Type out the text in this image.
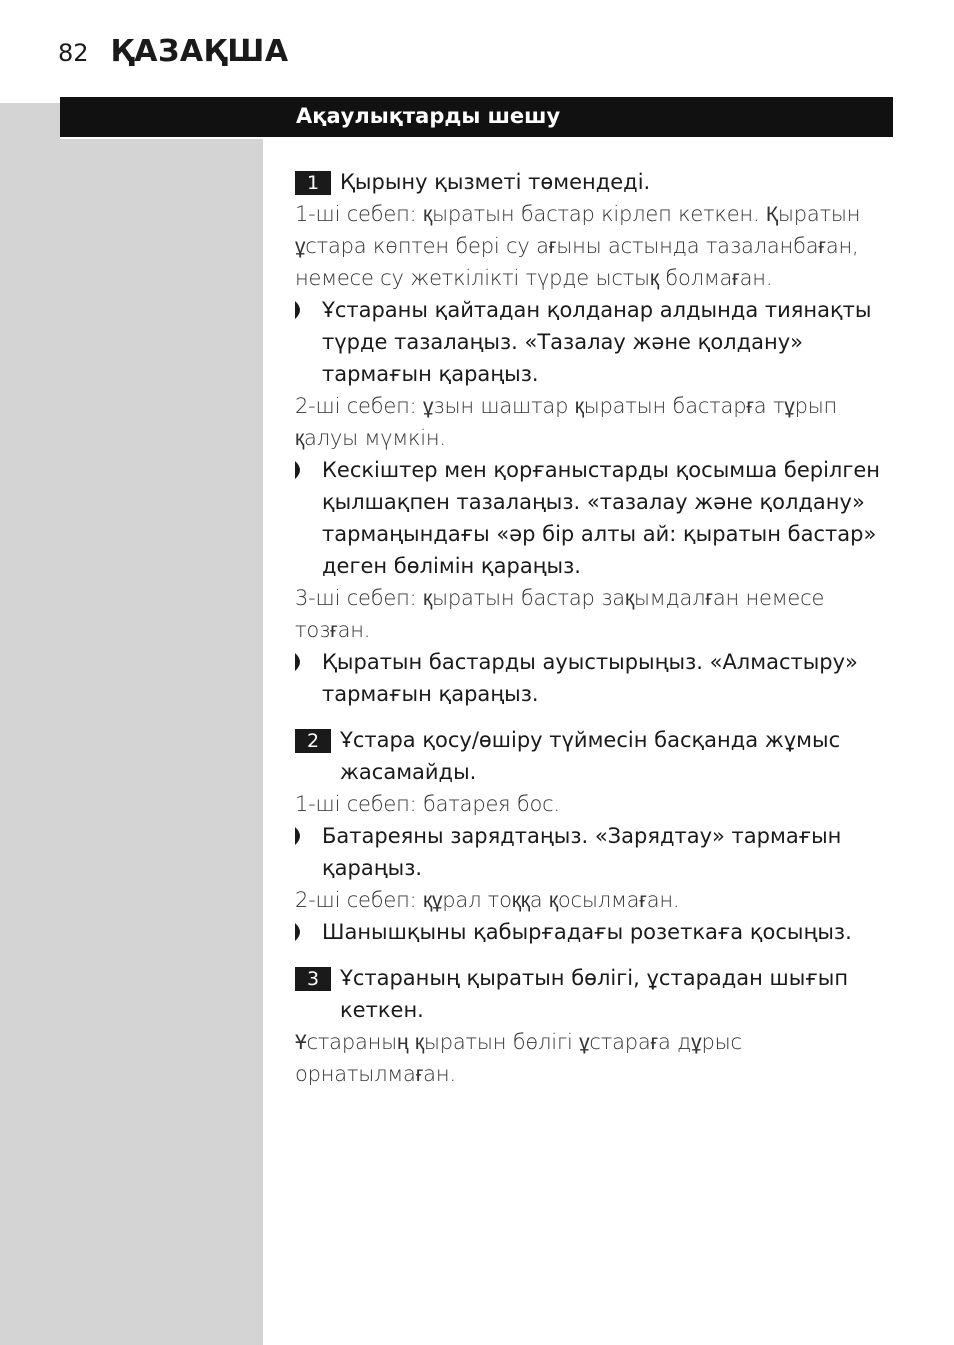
82 ҚАЗАҚША
Ақаулықтарды шешу
1 Қырыну қызметі төмендеді.
1-ші себеп: қыратын бастар кірлеп кеткен. Қыратын ұстара көптен бері су ағыны астында тазаланбаған, немесе су жеткілікті түрде ыстық болмаған.
Ұстараны қайтадан қолданар алдында тиянақты түрде тазалаңыз. «Тазалау және қолдану» тармағын қараңыз.
2-ші себеп: ұзын шаштар қыратын бастарға тұрып қалуы мүмкін.
Кескіштер мен қорғаныстарды қосымша берілген қылшақпен тазалаңыз. «тазалау және қолдану» тармаңындағы «әр бір алты ай: қыратын бастар» деген бөлімін қараңыз.
3-ші себеп: қыратын бастар зақымдалған немесе тозған.
Қыратын бастарды ауыстырыңыз. «Алмастыру» тармағын қараңыз.
2 Ұстара қосу/өшіру түймесін басқанда жұмыс жасамайды.
1-ші себеп: батарея бос.
Батареяны зарядтаңыз. «Зарядтау» тармағын қараңыз.
2-ші себеп: құрал тоққа қосылмаған.
Шанышқыны қабырғадағы розеткаға қосыңыз.
3 Ұстараның қыратын бөлігі, ұстарадан шығып кеткен.
Ұстараның қыратын бөлігі ұстараға дұрыс орнатылмаған.
